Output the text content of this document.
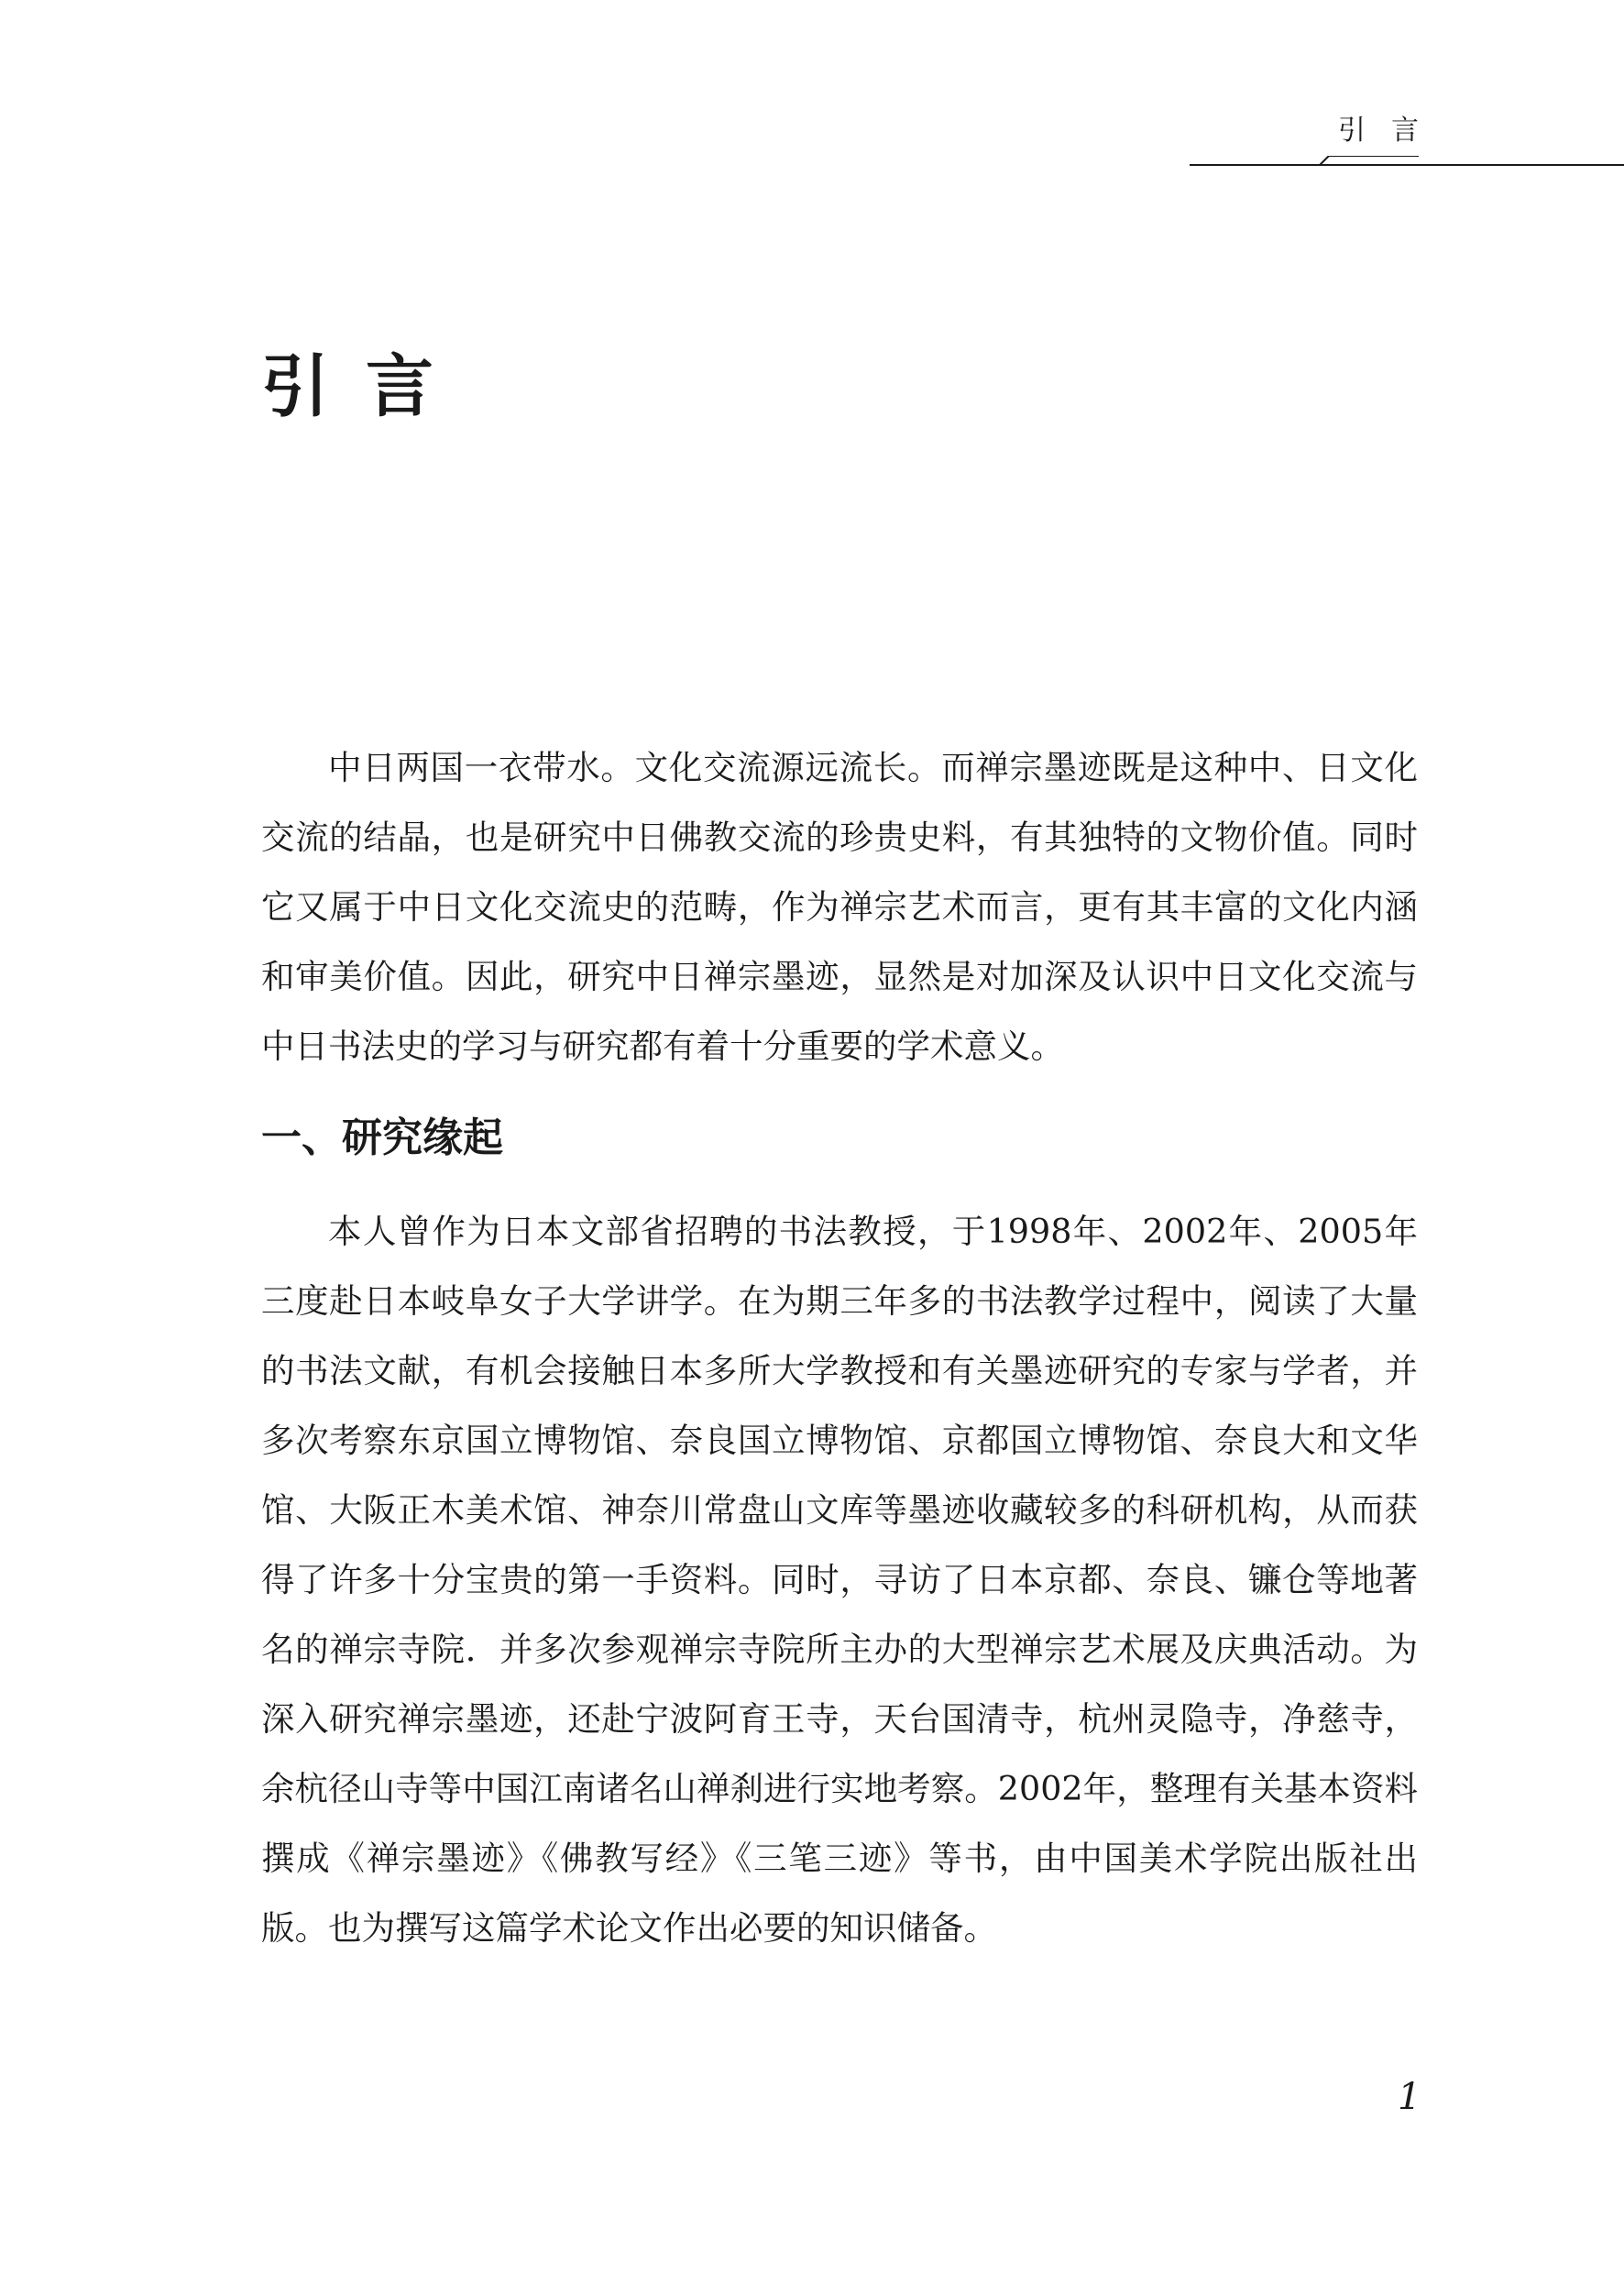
引言
引言

中日两国一衣带水。文化交流源远流长。而禅宗墨迹既是这种中、日文化交流的结晶，也是研究中日佛教交流的珍贵史料，有其独特的文物价值。同时它又属于中日文化交流史的范畴，作为禅宗艺术而言，更有其丰富的文化内涵和审美价值。因此，研究中日禅宗墨迹，显然是对加深及认识中日文化交流与中日书法史的学习与研究都有着十分重要的学术意义。

一、研究缘起

本人曾作为日本文部省招聘的书法教授，于1998年、2002年、2005年三度赴日本岐阜女子大学讲学。在为期三年多的书法教学过程中，阅读了大量的书法文献，有机会接触日本多所大学教授和有关墨迹研究的专家与学者，并多次考察东京国立博物馆、奈良国立博物馆、京都国立博物馆、奈良大和文华馆、大阪正木美术馆、神奈川常盘山文库等墨迹收藏较多的科研机构，从而获得了许多十分宝贵的第一手资料。同时，寻访了日本京都、奈良、镰仓等地著名的禅宗寺院．并多次参观禅宗寺院所主办的大型禅宗艺术展及庆典活动。为深入研究禅宗墨迹，还赴宁波阿育王寺，天台国清寺，杭州灵隐寺，净慈寺，余杭径山寺等中国江南诸名山禅刹进行实地考察。2002年，整理有关基本资料撰成《禅宗墨迹》《佛教写经》《三笔三迹》等书，由中国美术学院出版社出版。也为撰写这篇学术论文作出必要的知识储备。

1
